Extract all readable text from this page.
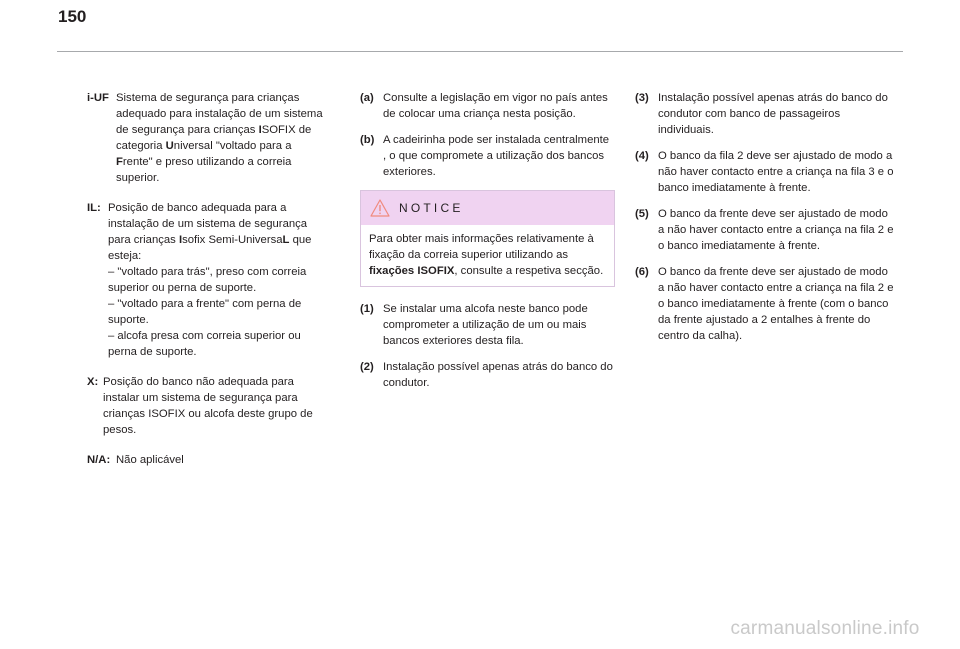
150
i-UF Sistema de segurança para crianças adequado para instalação de um sistema de segurança para crianças ISOFIX de categoria Universal "voltado para a Frente" e preso utilizando a correia superior.
IL: Posição de banco adequada para a instalação de um sistema de segurança para crianças Isofix Semi-UniversaL que esteja:
– "voltado para trás", preso com correia superior ou perna de suporte.
– "voltado para a frente" com perna de suporte.
– alcofa presa com correia superior ou perna de suporte.
X: Posição do banco não adequada para instalar um sistema de segurança para crianças ISOFIX ou alcofa deste grupo de pesos.
N/A: Não aplicável
(a) Consulte a legislação em vigor no país antes de colocar uma criança nesta posição.
(b) A cadeirinha pode ser instalada centralmente , o que compromete a utilização dos bancos exteriores.
NOTICE
Para obter mais informações relativamente à fixação da correia superior utilizando as fixações ISOFIX, consulte a respetiva secção.
(1) Se instalar uma alcofa neste banco pode comprometer a utilização de um ou mais bancos exteriores desta fila.
(2) Instalação possível apenas atrás do banco do condutor.
(3) Instalação possível apenas atrás do banco do condutor com banco de passageiros individuais.
(4) O banco da fila 2 deve ser ajustado de modo a não haver contacto entre a criança na fila 3 e o banco imediatamente à frente.
(5) O banco da frente deve ser ajustado de modo a não haver contacto entre a criança na fila 2 e o banco imediatamente à frente.
(6) O banco da frente deve ser ajustado de modo a não haver contacto entre a criança na fila 2 e o banco imediatamente à frente (com o banco da frente ajustado a 2 entalhes à frente do centro da calha).
carmanualsonline.info
